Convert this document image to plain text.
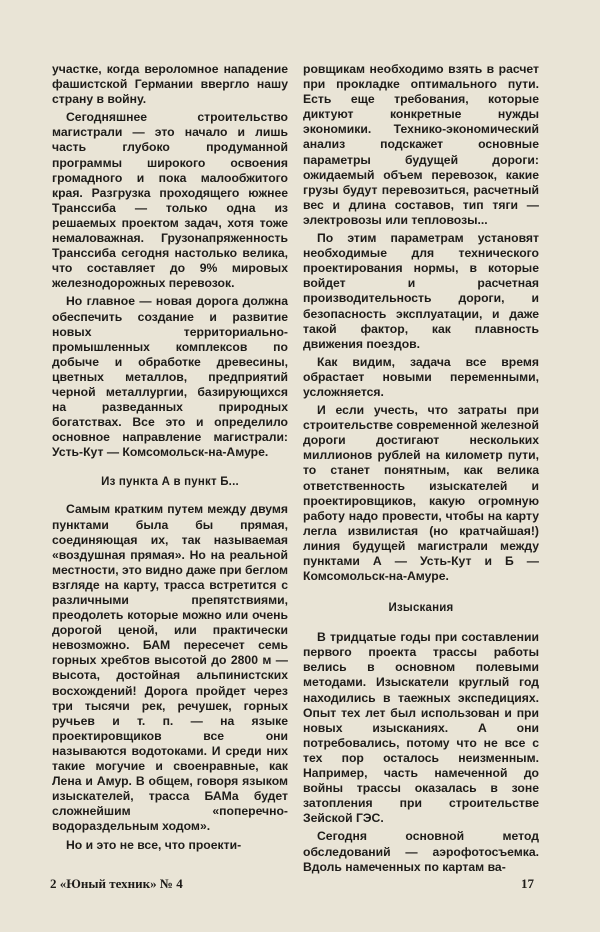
участке, когда вероломное нападение фашистской Германии ввергло нашу страну в войну.

Сегодняшнее строительство магистрали — это начало и лишь часть глубоко продуманной программы широкого освоения громадного и пока малообжитого края. Разгрузка проходящего южнее Транссиба — только одна из решаемых проектом задач, хотя тоже немаловажная. Грузонапряженность Транссиба сегодня настолько велика, что составляет до 9% мировых железнодорожных перевозок.

Но главное — новая дорога должна обеспечить создание и развитие новых территориально-промышленных комплексов по добыче и обработке древесины, цветных металлов, предприятий черной металлургии, базирующихся на разведанных природных богатствах. Все это и определило основное направление магистрали: Усть-Кут — Комсомольск-на-Амуре.

Из пункта А в пункт Б...

Самым кратким путем между двумя пунктами была бы прямая, соединяющая их, так называемая «воздушная прямая». Но на реальной местности, это видно даже при беглом взгляде на карту, трасса встретится с различными препятствиями, преодолеть которые можно или очень дорогой ценой, или практически невозможно. БАМ пересечет семь горных хребтов высотой до 2800 м — высота, достойная альпинистских восхождений! Дорога пройдет через три тысячи рек, речушек, горных ручьев и т. п. — на языке проектировщиков все они называются водотоками. И среди них такие могучие и своенравные, как Лена и Амур. В общем, говоря языком изыскателей, трасса БАМа будет сложнейшим «поперечно-водораздельным ходом».

Но и это не все, что проекти-

ровщикам необходимо взять в расчет при прокладке оптимального пути. Есть еще требования, которые диктуют конкретные нужды экономики. Технико-экономический анализ подскажет основные параметры будущей дороги: ожидаемый объем перевозок, какие грузы будут перевозиться, расчетный вес и длина составов, тип тяги — электровозы или тепловозы...

По этим параметрам установят необходимые для технического проектирования нормы, в которые войдет и расчетная производительность дороги, и безопасность эксплуатации, и даже такой фактор, как плавность движения поездов.

Как видим, задача все время обрастает новыми переменными, усложняется.

И если учесть, что затраты при строительстве современной железной дороги достигают нескольких миллионов рублей на километр пути, то станет понятным, как велика ответственность изыскателей и проектировщиков, какую огромную работу надо провести, чтобы на карту легла извилистая (но кратчайшая!) линия будущей магистрали между пунктами А — Усть-Кут и Б — Комсомольск-на-Амуре.

Изыскания

В тридцатые годы при составлении первого проекта трассы работы велись в основном полевыми методами. Изыскатели круглый год находились в таежных экспедициях. Опыт тех лет был использован и при новых изысканиях. А они потребовались, потому что не все с тех пор осталось неизменным. Например, часть намеченной до войны трассы оказалась в зоне затопления при строительстве Зейской ГЭС.

Сегодня основной метод обследований — аэрофотосъемка. Вдоль намеченных по картам ва-

2 «Юный техник» № 4	17
